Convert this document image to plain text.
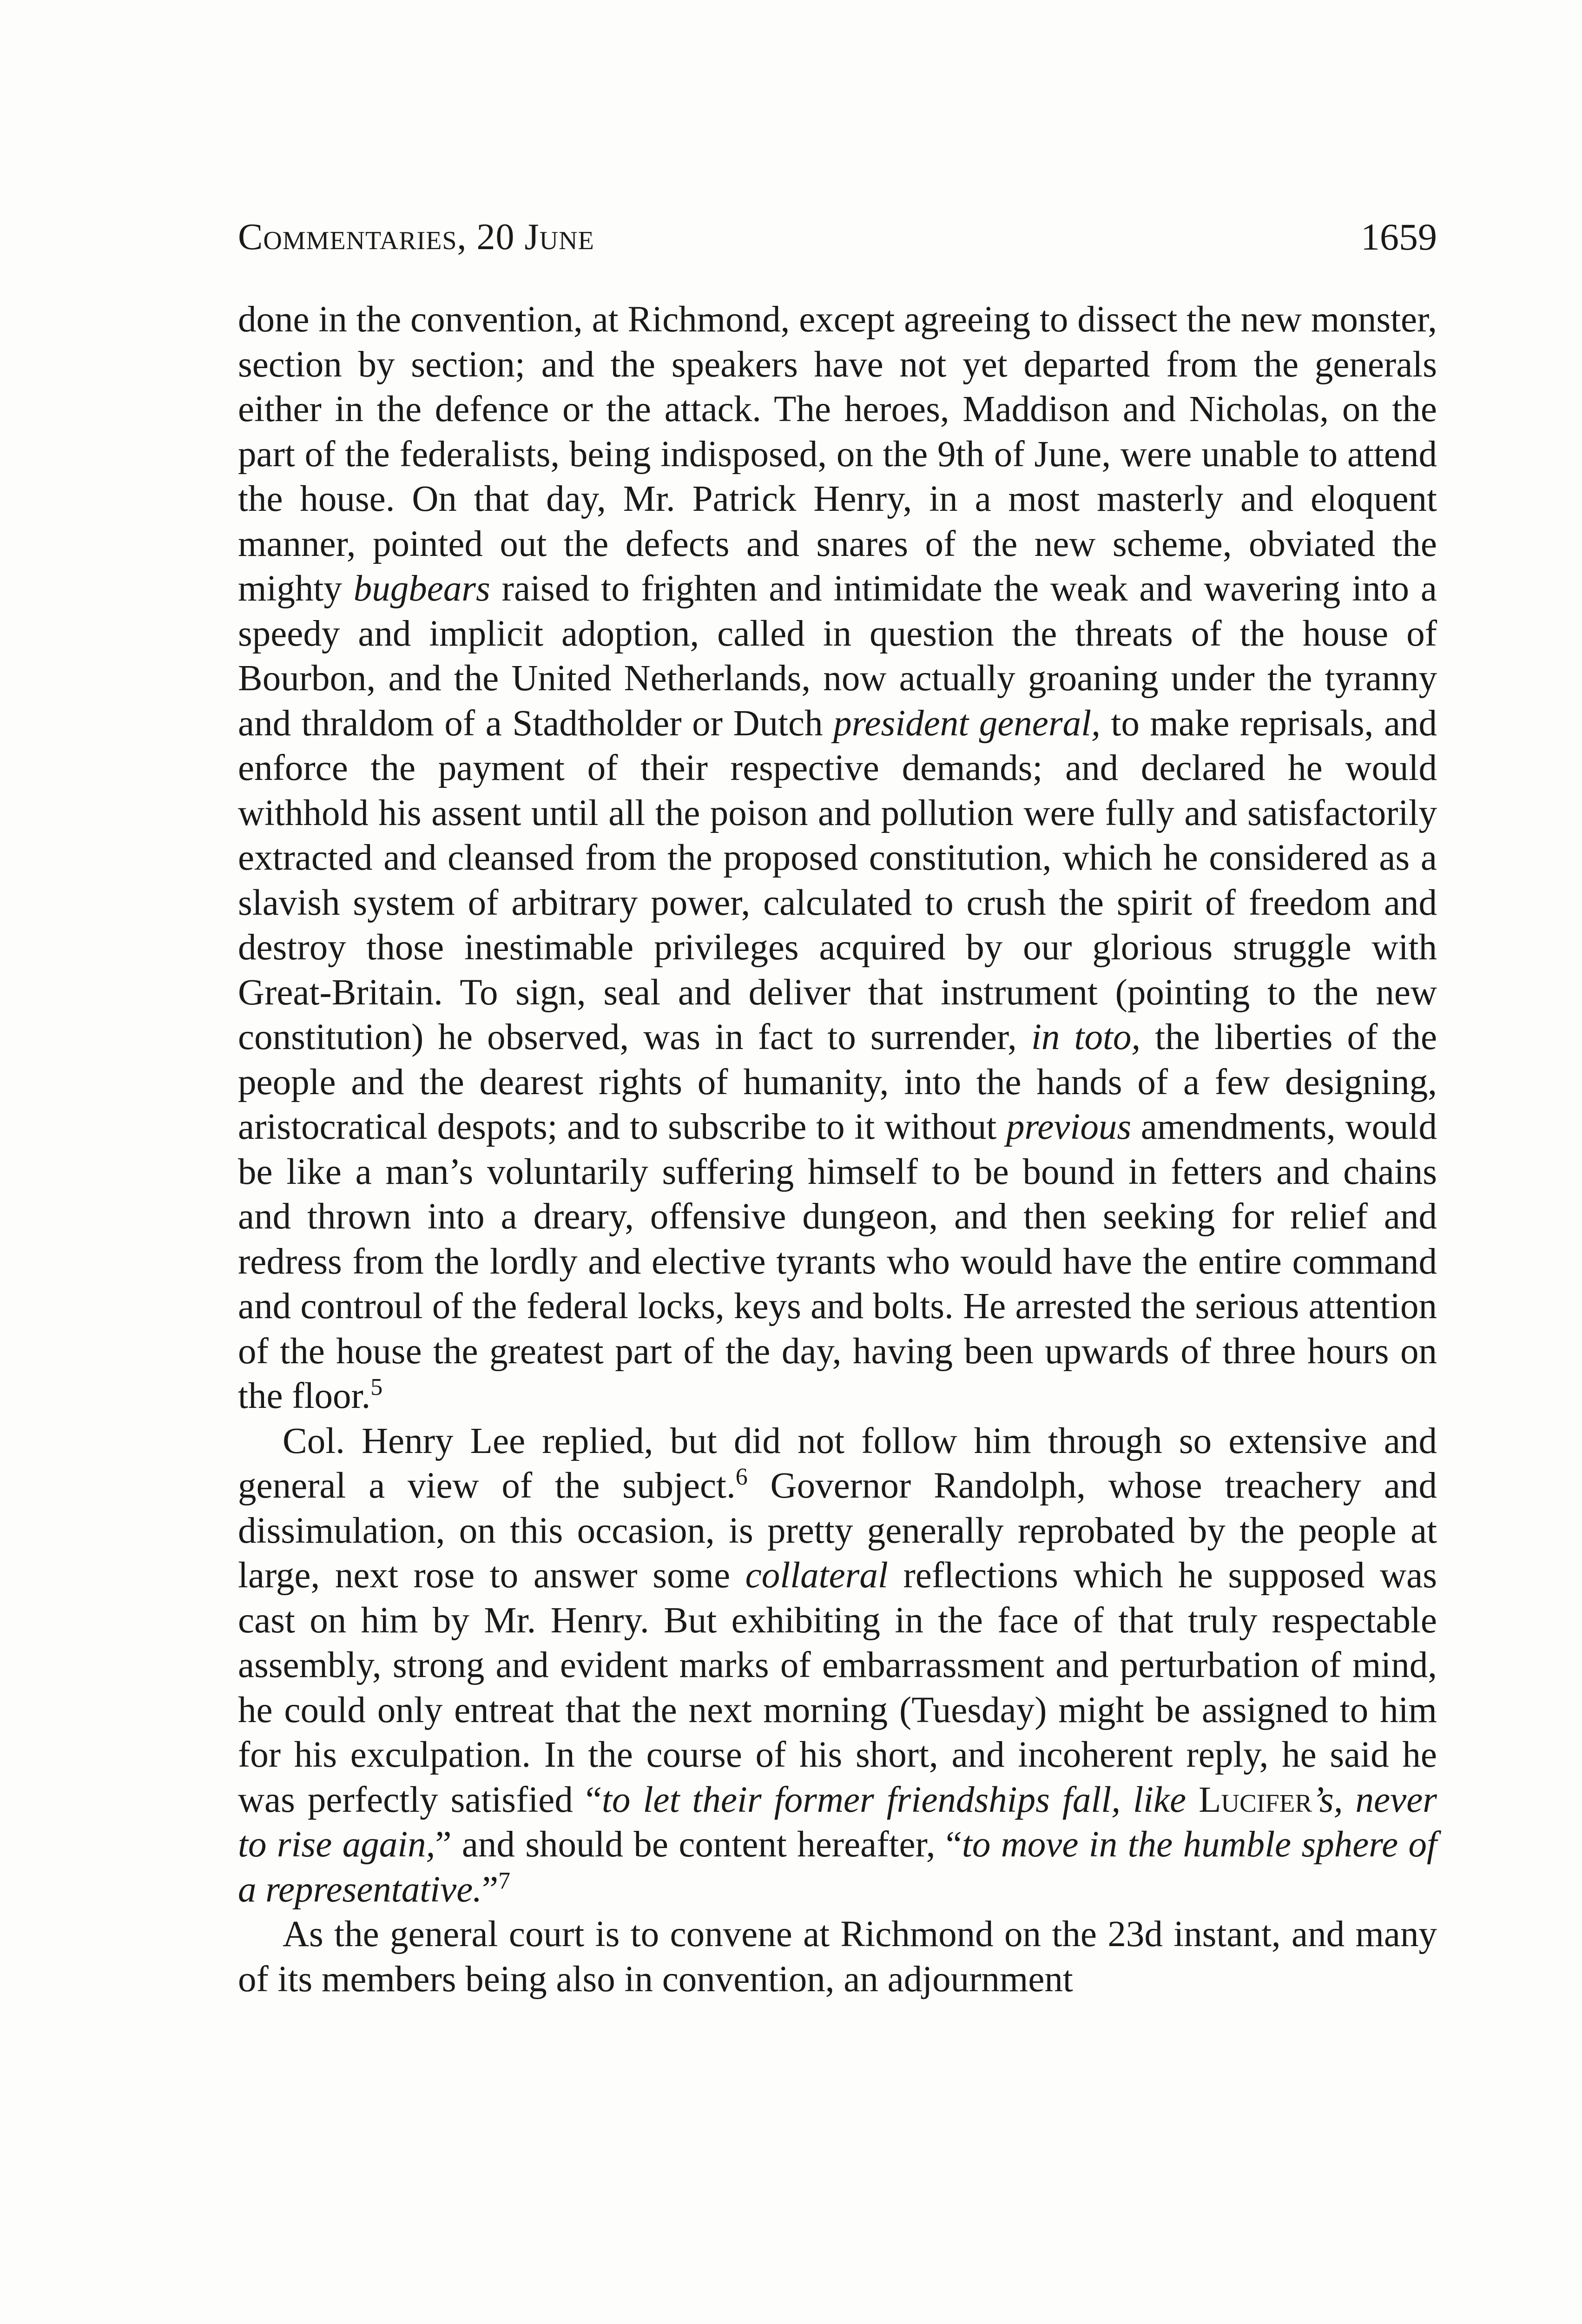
Commentaries, 20 June	1659

done in the convention, at Richmond, except agreeing to dissect the new monster, section by section; and the speakers have not yet departed from the generals either in the defence or the attack. The heroes, Maddison and Nicholas, on the part of the federalists, being indisposed, on the 9th of June, were unable to attend the house. On that day, Mr. Patrick Henry, in a most masterly and eloquent manner, pointed out the defects and snares of the new scheme, obviated the mighty bugbears raised to frighten and intimidate the weak and wavering into a speedy and implicit adoption, called in question the threats of the house of Bourbon, and the United Netherlands, now actually groaning under the tyranny and thraldom of a Stadtholder or Dutch president general, to make reprisals, and enforce the payment of their respective demands; and declared he would withhold his assent until all the poison and pollution were fully and satisfactorily extracted and cleansed from the proposed constitution, which he considered as a slavish system of arbitrary power, calculated to crush the spirit of freedom and destroy those inestimable privileges acquired by our glorious struggle with Great-Britain. To sign, seal and deliver that instrument (pointing to the new constitution) he observed, was in fact to surrender, in toto, the liberties of the people and the dearest rights of humanity, into the hands of a few designing, aristocratical despots; and to subscribe to it without previous amendments, would be like a man’s voluntarily suffering himself to be bound in fetters and chains and thrown into a dreary, offensive dungeon, and then seeking for relief and redress from the lordly and elective tyrants who would have the entire command and controul of the federal locks, keys and bolts. He arrested the serious attention of the house the greatest part of the day, having been upwards of three hours on the floor.$^5$

Col. Henry Lee replied, but did not follow him through so extensive and general a view of the subject.$^6$ Governor Randolph, whose treachery and dissimulation, on this occasion, is pretty generally reprobated by the people at large, next rose to answer some collateral reflections which he supposed was cast on him by Mr. Henry. But exhibiting in the face of that truly respectable assembly, strong and evident marks of embarrassment and perturbation of mind, he could only entreat that the next morning (Tuesday) might be assigned to him for his exculpation. In the course of his short, and incoherent reply, he said he was perfectly satisfied “to let their former friendships fall, like Lucifer’s, never to rise again,” and should be content hereafter, “to move in the humble sphere of a representative.”$^7$

As the general court is to convene at Richmond on the 23d instant, and many of its members being also in convention, an adjournment
